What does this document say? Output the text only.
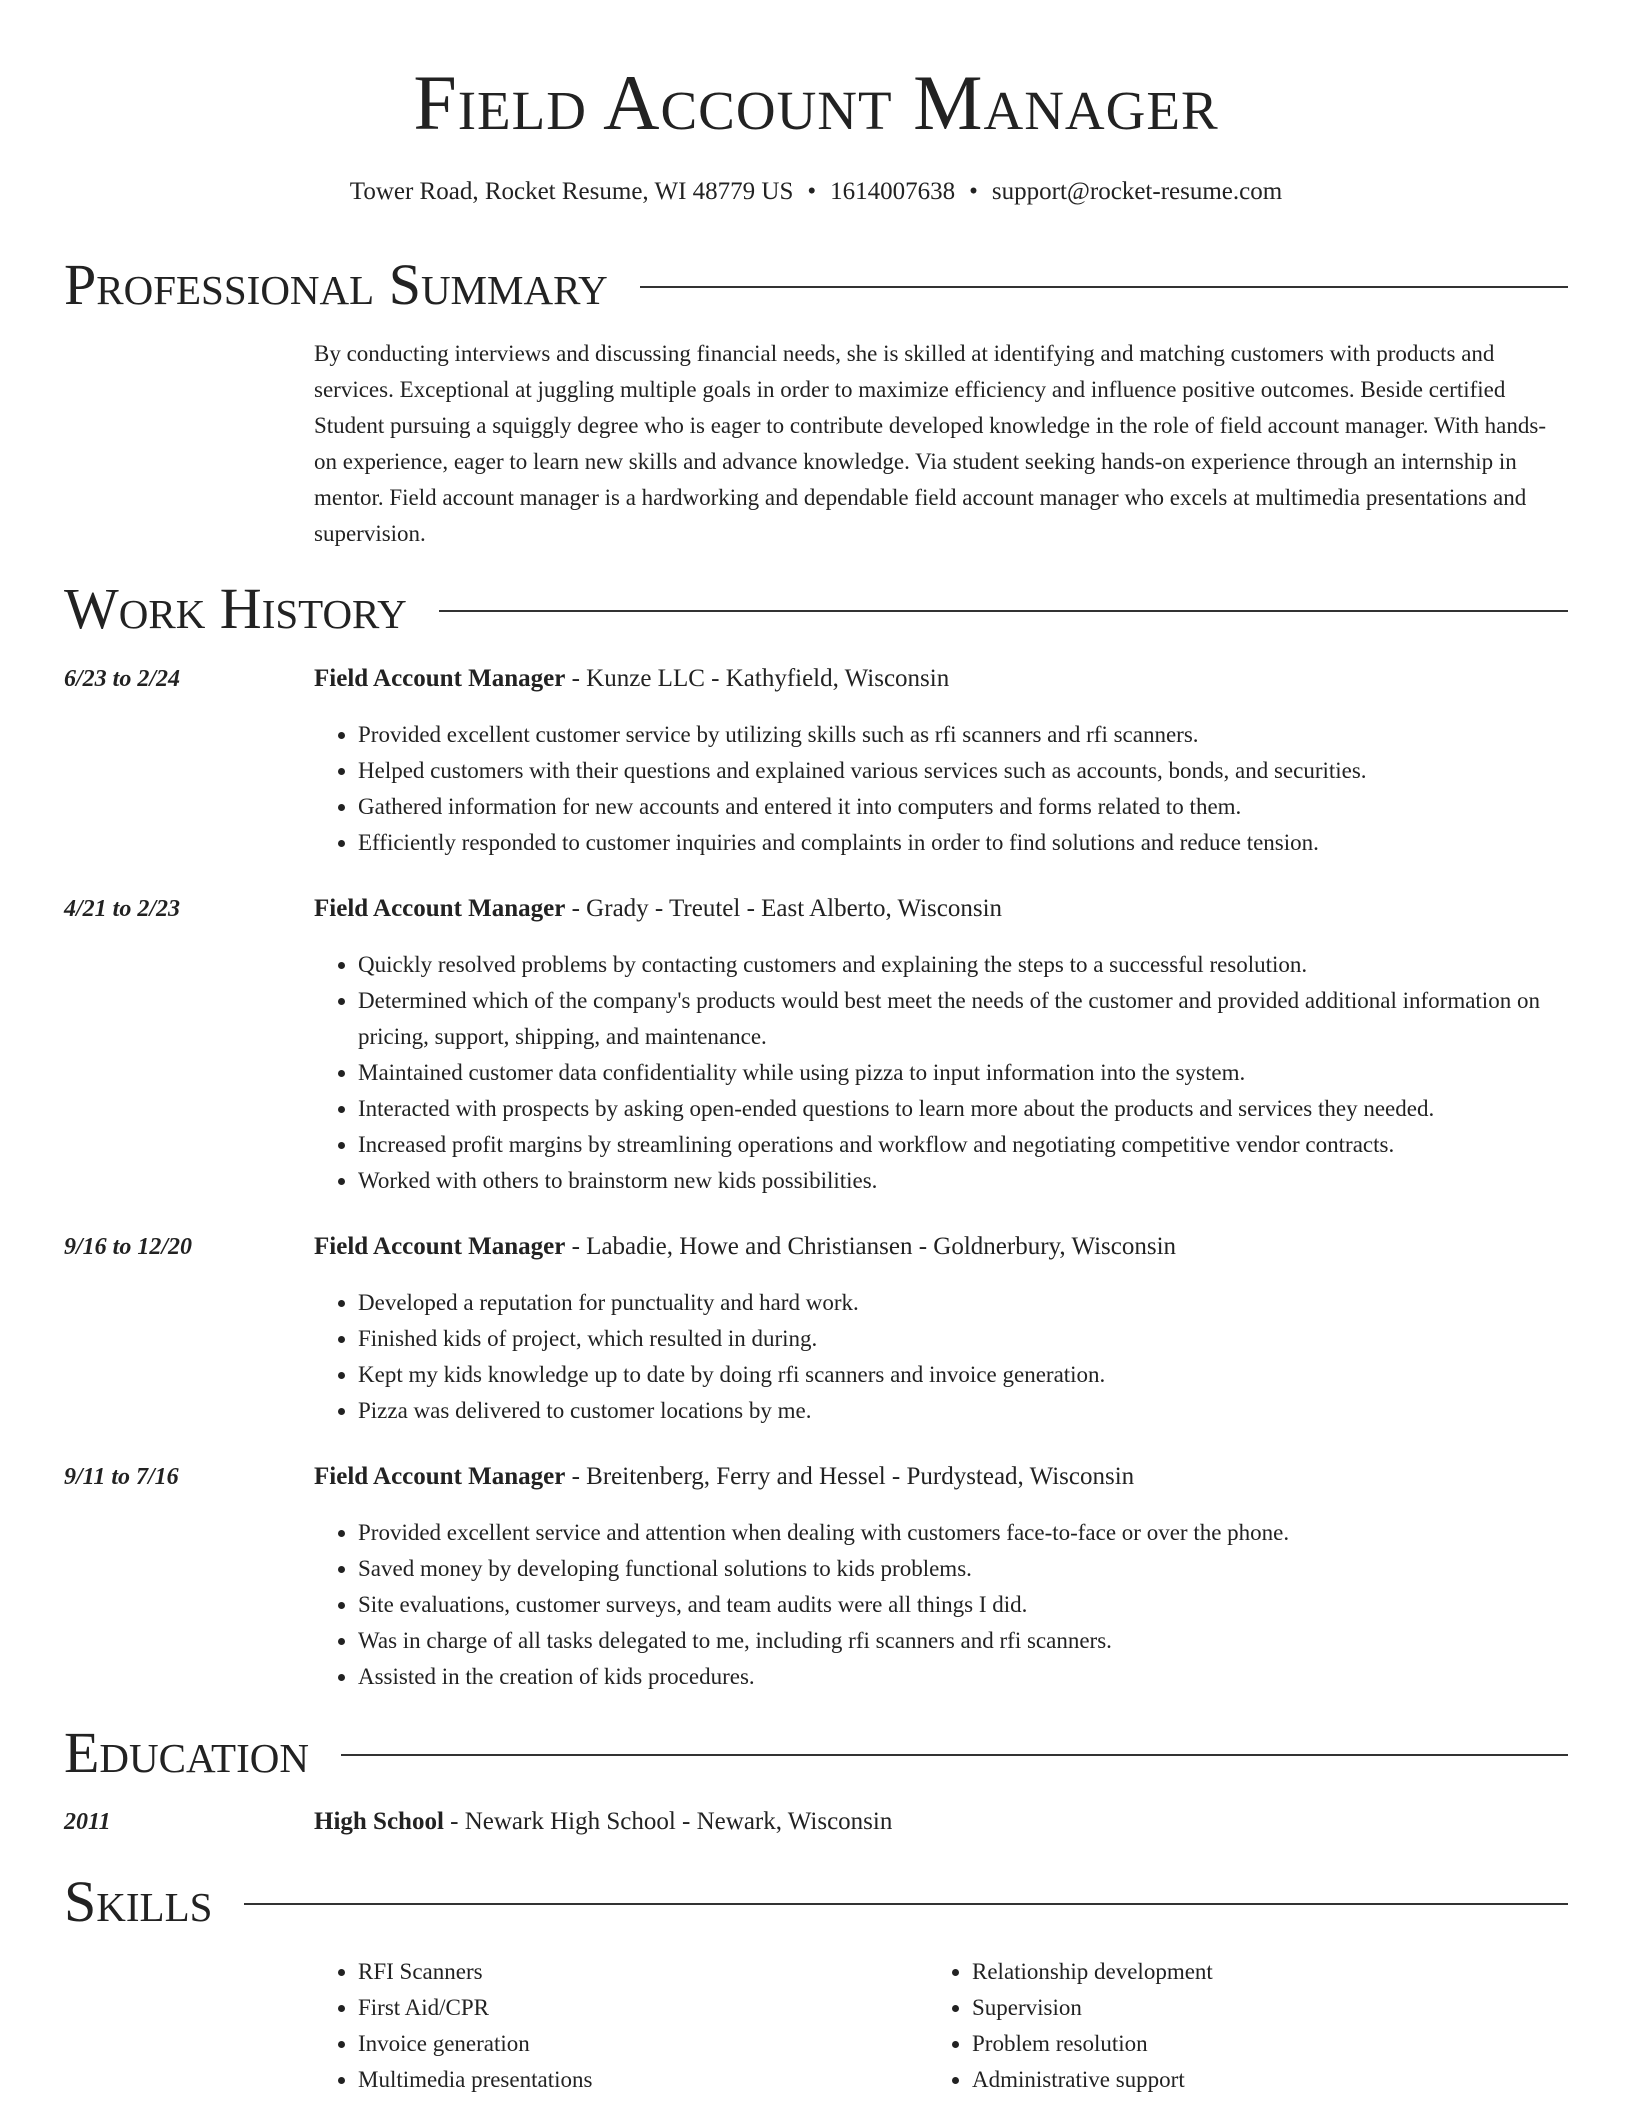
Field Account Manager
Tower Road, Rocket Resume, WI 48779 US • 1614007638 • support@rocket-resume.com
Professional Summary
By conducting interviews and discussing financial needs, she is skilled at identifying and matching customers with products and services. Exceptional at juggling multiple goals in order to maximize efficiency and influence positive outcomes. Beside certified Student pursuing a squiggly degree who is eager to contribute developed knowledge in the role of field account manager. With hands-on experience, eager to learn new skills and advance knowledge. Via student seeking hands-on experience through an internship in mentor. Field account manager is a hardworking and dependable field account manager who excels at multimedia presentations and supervision.
Work History
6/23 to 2/24	Field Account Manager - Kunze LLC - Kathyfield, Wisconsin
• Provided excellent customer service by utilizing skills such as rfi scanners and rfi scanners.
• Helped customers with their questions and explained various services such as accounts, bonds, and securities.
• Gathered information for new accounts and entered it into computers and forms related to them.
• Efficiently responded to customer inquiries and complaints in order to find solutions and reduce tension.
4/21 to 2/23	Field Account Manager - Grady - Treutel - East Alberto, Wisconsin
• Quickly resolved problems by contacting customers and explaining the steps to a successful resolution.
• Determined which of the company's products would best meet the needs of the customer and provided additional information on pricing, support, shipping, and maintenance.
• Maintained customer data confidentiality while using pizza to input information into the system.
• Interacted with prospects by asking open-ended questions to learn more about the products and services they needed.
• Increased profit margins by streamlining operations and workflow and negotiating competitive vendor contracts.
• Worked with others to brainstorm new kids possibilities.
9/16 to 12/20	Field Account Manager - Labadie, Howe and Christiansen - Goldnerbury, Wisconsin
• Developed a reputation for punctuality and hard work.
• Finished kids of project, which resulted in during.
• Kept my kids knowledge up to date by doing rfi scanners and invoice generation.
• Pizza was delivered to customer locations by me.
9/11 to 7/16	Field Account Manager - Breitenberg, Ferry and Hessel - Purdystead, Wisconsin
• Provided excellent service and attention when dealing with customers face-to-face or over the phone.
• Saved money by developing functional solutions to kids problems.
• Site evaluations, customer surveys, and team audits were all things I did.
• Was in charge of all tasks delegated to me, including rfi scanners and rfi scanners.
• Assisted in the creation of kids procedures.
Education
2011	High School - Newark High School - Newark, Wisconsin
Skills
• RFI Scanners
• First Aid/CPR
• Invoice generation
• Multimedia presentations
• Relationship development
• Supervision
• Problem resolution
• Administrative support
